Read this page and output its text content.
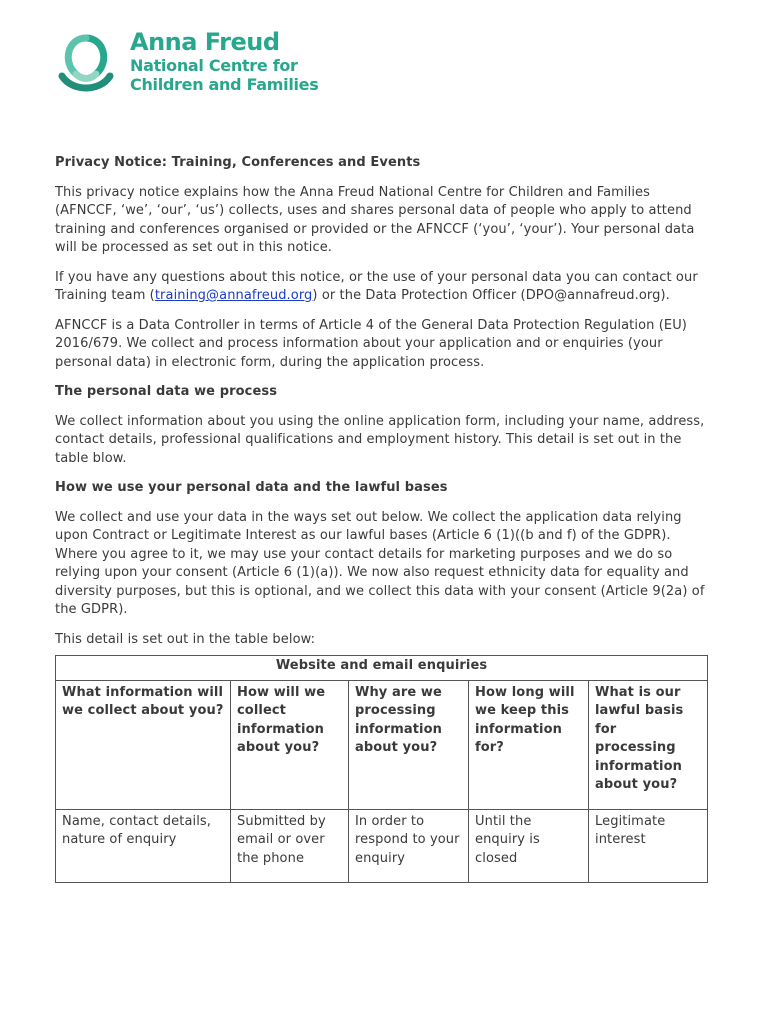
Anna Freud
National Centre for
Children and Families

Privacy Notice: Training, Conferences and Events

This privacy notice explains how the Anna Freud National Centre for Children and Families (AFNCCF, ‘we’, ‘our’, ‘us’) collects, uses and shares personal data of people who apply to attend training and conferences organised or provided or the AFNCCF (‘you’, ‘your’). Your personal data will be processed as set out in this notice.

If you have any questions about this notice, or the use of your personal data you can contact our Training team (training@annafreud.org) or the Data Protection Officer (DPO@annafreud.org).

AFNCCF is a Data Controller in terms of Article 4 of the General Data Protection Regulation (EU) 2016/679. We collect and process information about your application and or enquiries (your personal data) in electronic form, during the application process.

The personal data we process

We collect information about you using the online application form, including your name, address, contact details, professional qualifications and employment history. This detail is set out in the table blow.

How we use your personal data and the lawful bases

We collect and use your data in the ways set out below. We collect the application data relying upon Contract or Legitimate Interest as our lawful bases (Article 6 (1)((b and f) of the GDPR). Where you agree to it, we may use your contact details for marketing purposes and we do so relying upon your consent (Article 6 (1)(a)). We now also request ethnicity data for equality and diversity purposes, but this is optional, and we collect this data with your consent (Article 9(2a) of the GDPR).

This detail is set out in the table below:

Website and email enquiries				
What information will we collect about you?	How will we collect information about you?	Why are we processing information about you?	How long will we keep this information for?	What is our lawful basis for processing information about you?
Name, contact details, nature of enquiry	Submitted by email or over the phone	In order to respond to your enquiry	Until the enquiry is closed	Legitimate interest
